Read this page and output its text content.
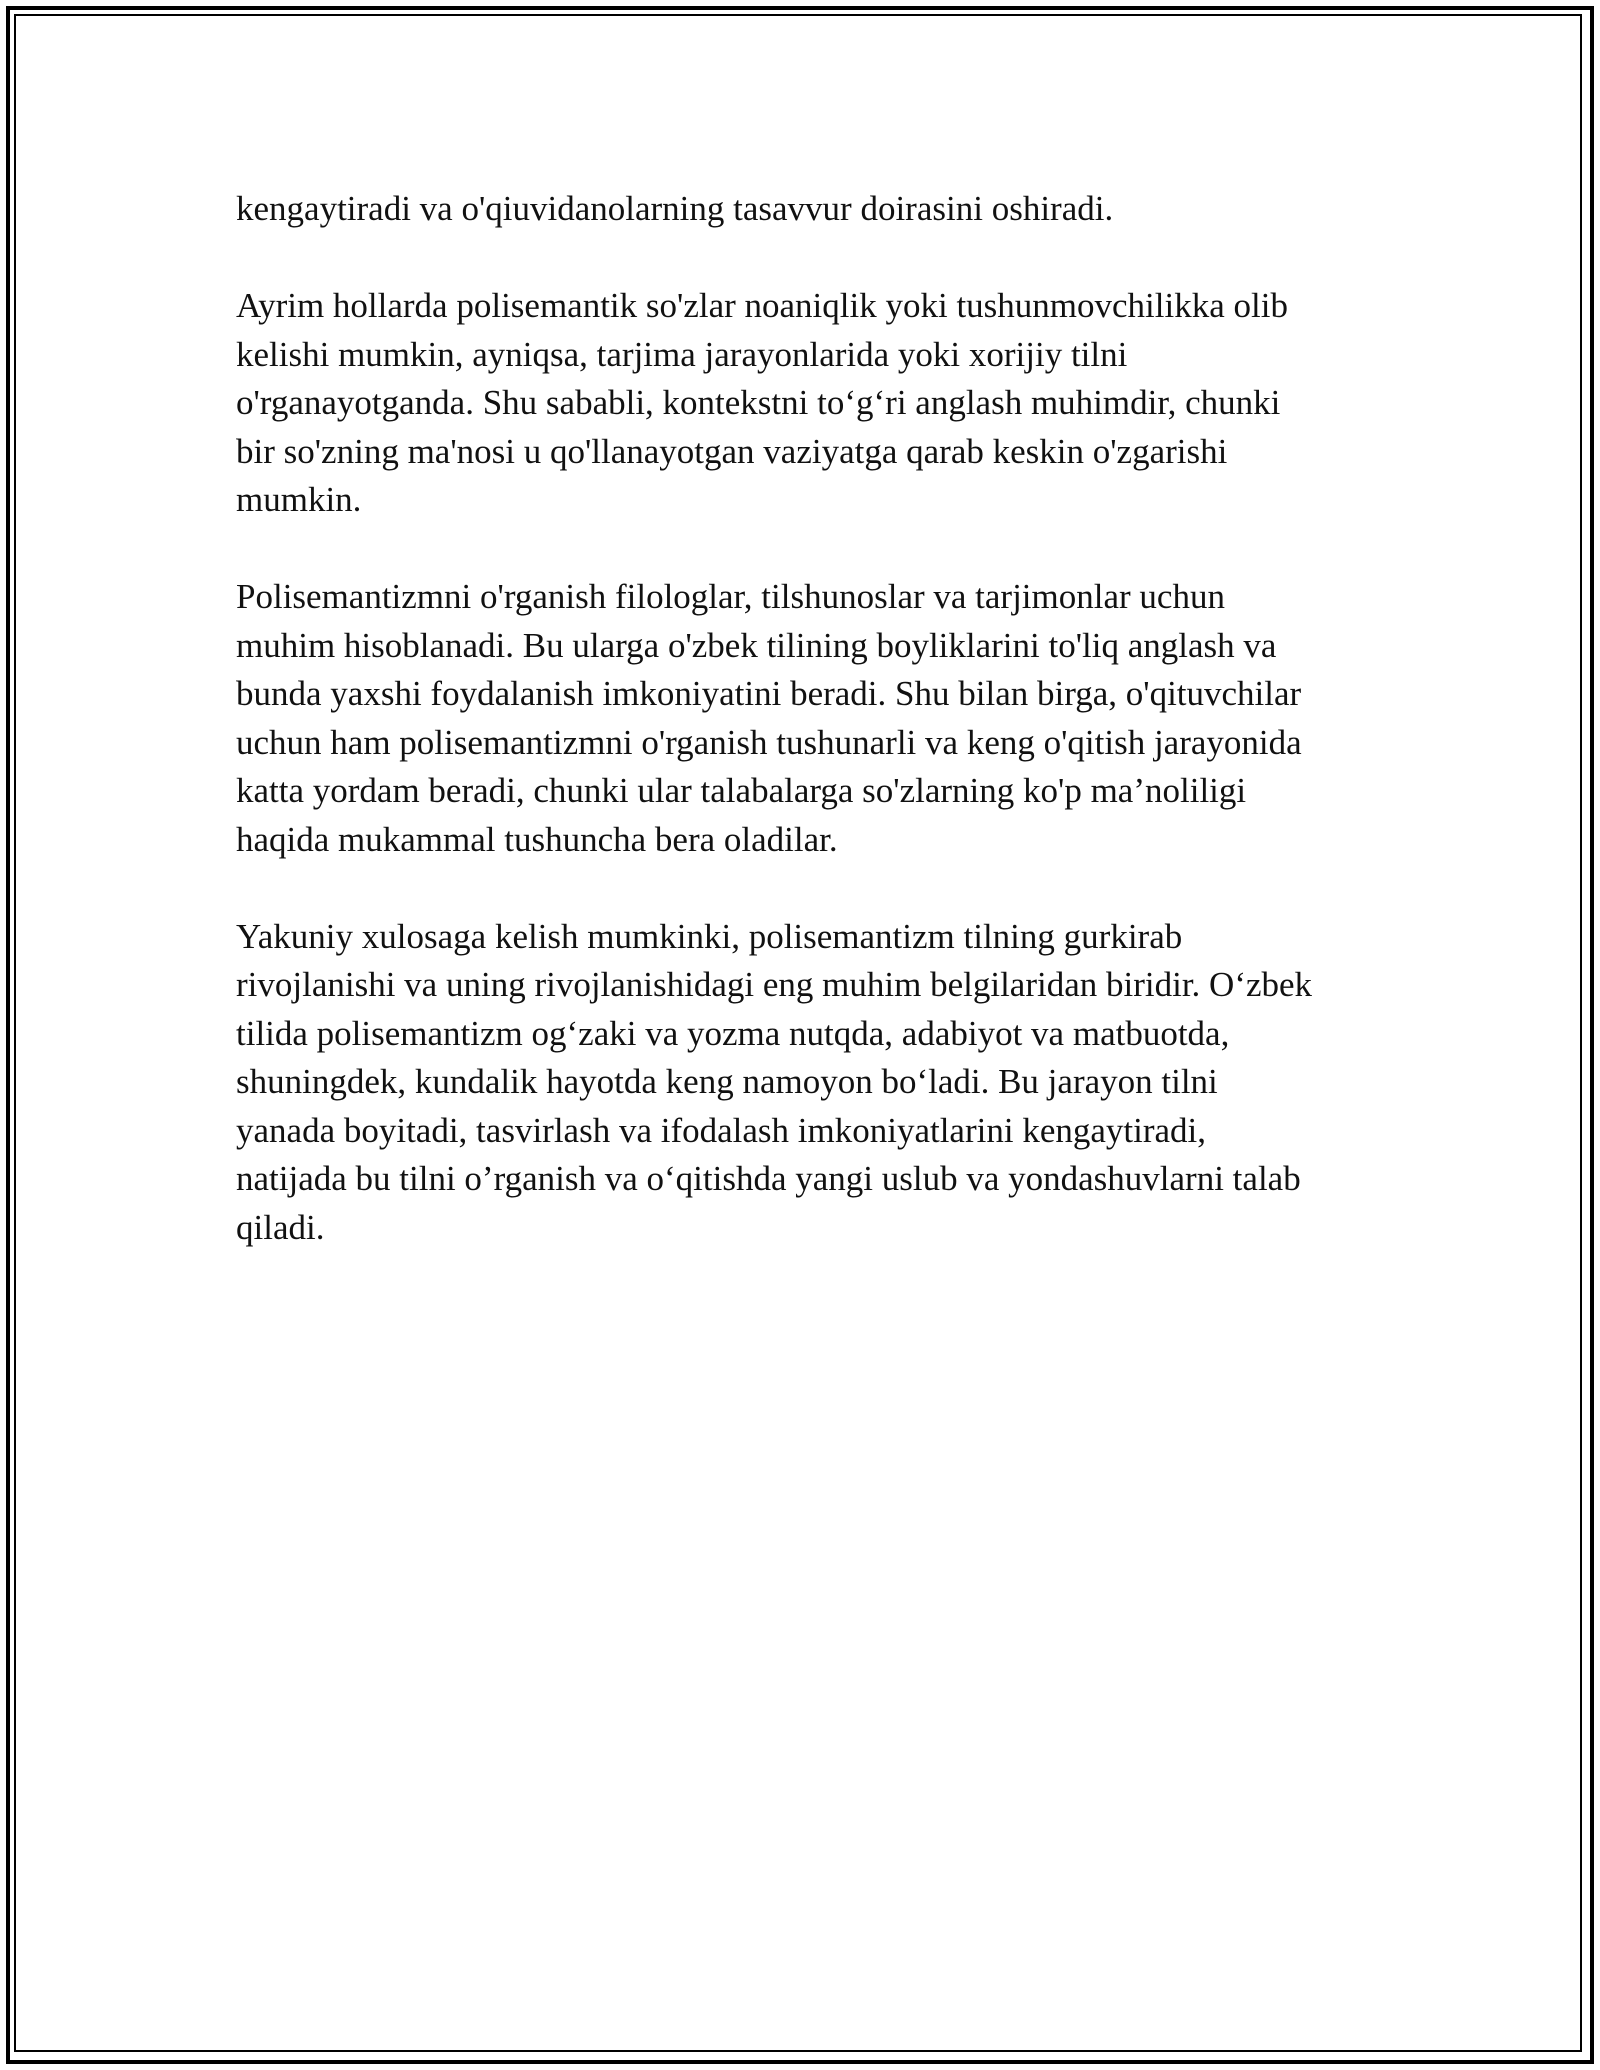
kengaytiradi va o'qiuvidanolarning tasavvur doirasini oshiradi.

Ayrim hollarda polisemantik so'zlar noaniqlik yoki tushunmovchilikka olib
kelishi mumkin, ayniqsa, tarjima jarayonlarida yoki xorijiy tilni
o'rganayotganda. Shu sababli, kontekstni to‘g‘ri anglash muhimdir, chunki
bir so'zning ma'nosi u qo'llanayotgan vaziyatga qarab keskin o'zgarishi
mumkin.

Polisemantizmni o'rganish filologlar, tilshunoslar va tarjimonlar uchun
muhim hisoblanadi. Bu ularga o'zbek tilining boyliklarini to'liq anglash va
bunda yaxshi foydalanish imkoniyatini beradi. Shu bilan birga, o'qituvchilar
uchun ham polisemantizmni o'rganish tushunarli va keng o'qitish jarayonida
katta yordam beradi, chunki ular talabalarga so'zlarning ko'p ma’noliligi
haqida mukammal tushuncha bera oladilar.

Yakuniy xulosaga kelish mumkinki, polisemantizm tilning gurkirab
rivojlanishi va uning rivojlanishidagi eng muhim belgilaridan biridir. O‘zbek
tilida polisemantizm og‘zaki va yozma nutqda, adabiyot va matbuotda,
shuningdek, kundalik hayotda keng namoyon bo‘ladi. Bu jarayon tilni
yanada boyitadi, tasvirlash va ifodalash imkoniyatlarini kengaytiradi,
natijada bu tilni o’rganish va o‘qitishda yangi uslub va yondashuvlarni talab
qiladi.
